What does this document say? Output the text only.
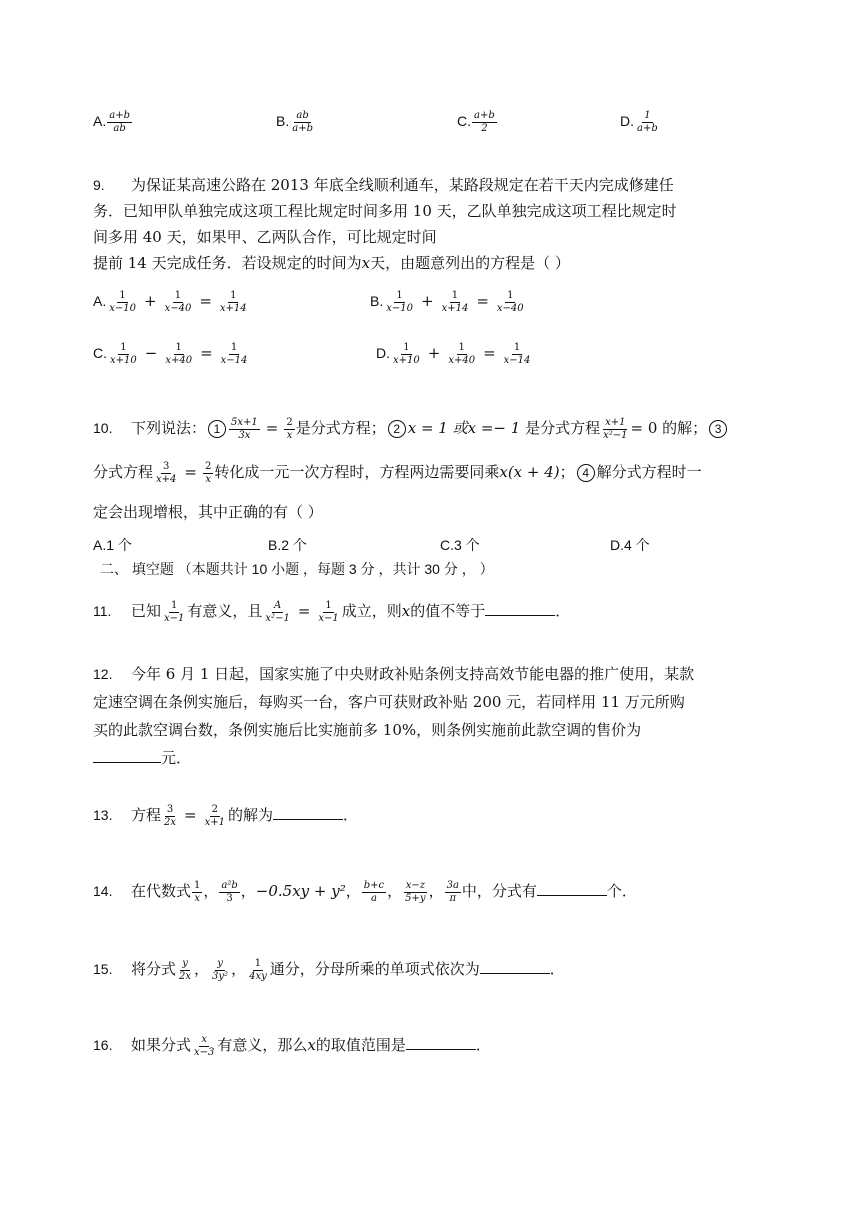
A. $\frac{a+b}{ab}$	B. $\frac{ab}{a+b}$	C. $\frac{a+b}{2}$	D. $\frac{1}{a+b}$
9. 为保证某高速公路在 2013 年底全线顺利通车，某路段规定在若干天内完成修建任
务．已知甲队单独完成这项工程比规定时间多用 10 天，乙队单独完成这项工程比规定时
间多用 40 天，如果甲、乙两队合作，可比规定时间
提前 14 天完成任务．若设规定的时间为x天，由题意列出的方程是（ ）
A. $\frac{1}{x-10} + \frac{1}{x-40} = \frac{1}{x+14}$	B. $\frac{1}{x-10} + \frac{1}{x+14} = \frac{1}{x-40}$
C. $\frac{1}{x+10} - \frac{1}{x+40} = \frac{1}{x-14}$	D. $\frac{1}{x+10} + \frac{1}{x+40} = \frac{1}{x-14}$
10. 下列说法： $1 \frac{5x+1}{3x} = \frac{2}{x}$ 是分式方程； 2 x = 1 或x =− 1 是分式方程 $\frac{x+1}{\text{x²−1}} = 0$ 的解； 3
分式方程 $\frac{3}{x+4} = \frac{2}{x}$ 转化成一元一次方程时，方程两边需要同乘x(x + 4)； 4 解分式方程时一
定会出现增根，其中正确的有（ ）
A.1 个	B.2 个	C.3 个	D.4 个
二、 填空题 （本题共计 10 小题 ，每题 3 分 ，共计 30 分 ， ）
11. 已知 $\frac{1}{x-1}$ 有意义，且 $\frac{A}{\text{x²−1}} = \frac{1}{x-1}$ 成立，则x的值不等于	．
12. 今年 6 月 1 日起，国家实施了中央财政补贴条例支持高效节能电器的推广使用，某款
定速空调在条例实施后，每购买一台，客户可获财政补贴 200 元，若同样用 11 万元所购
买的此款空调台数，条例实施后比实施前多 10%，则条例实施前此款空调的售价为
元．
13. 方程 $\frac{3}{2x} = \frac{2}{x+1}$ 的解为	．
14. 在代数式 $\frac{1}{x}$ ， $\frac{\text{a²b}}{3}$ ，−0.5xy + y²， $\frac{b+c}{a}$ ， $\frac{x-z}{5+y}$ ， $\frac{3a}{\pi}$ 中，分式有	个．
15. 将分式 $\frac{y}{2x}$ ， $\frac{y}{\text{3y²}}$ ， $\frac{1}{4xy}$ 通分，分母所乘的单项式依次为	．
16. 如果分式 $\frac{x}{x-3}$ 有意义，那么x的取值范围是	．
